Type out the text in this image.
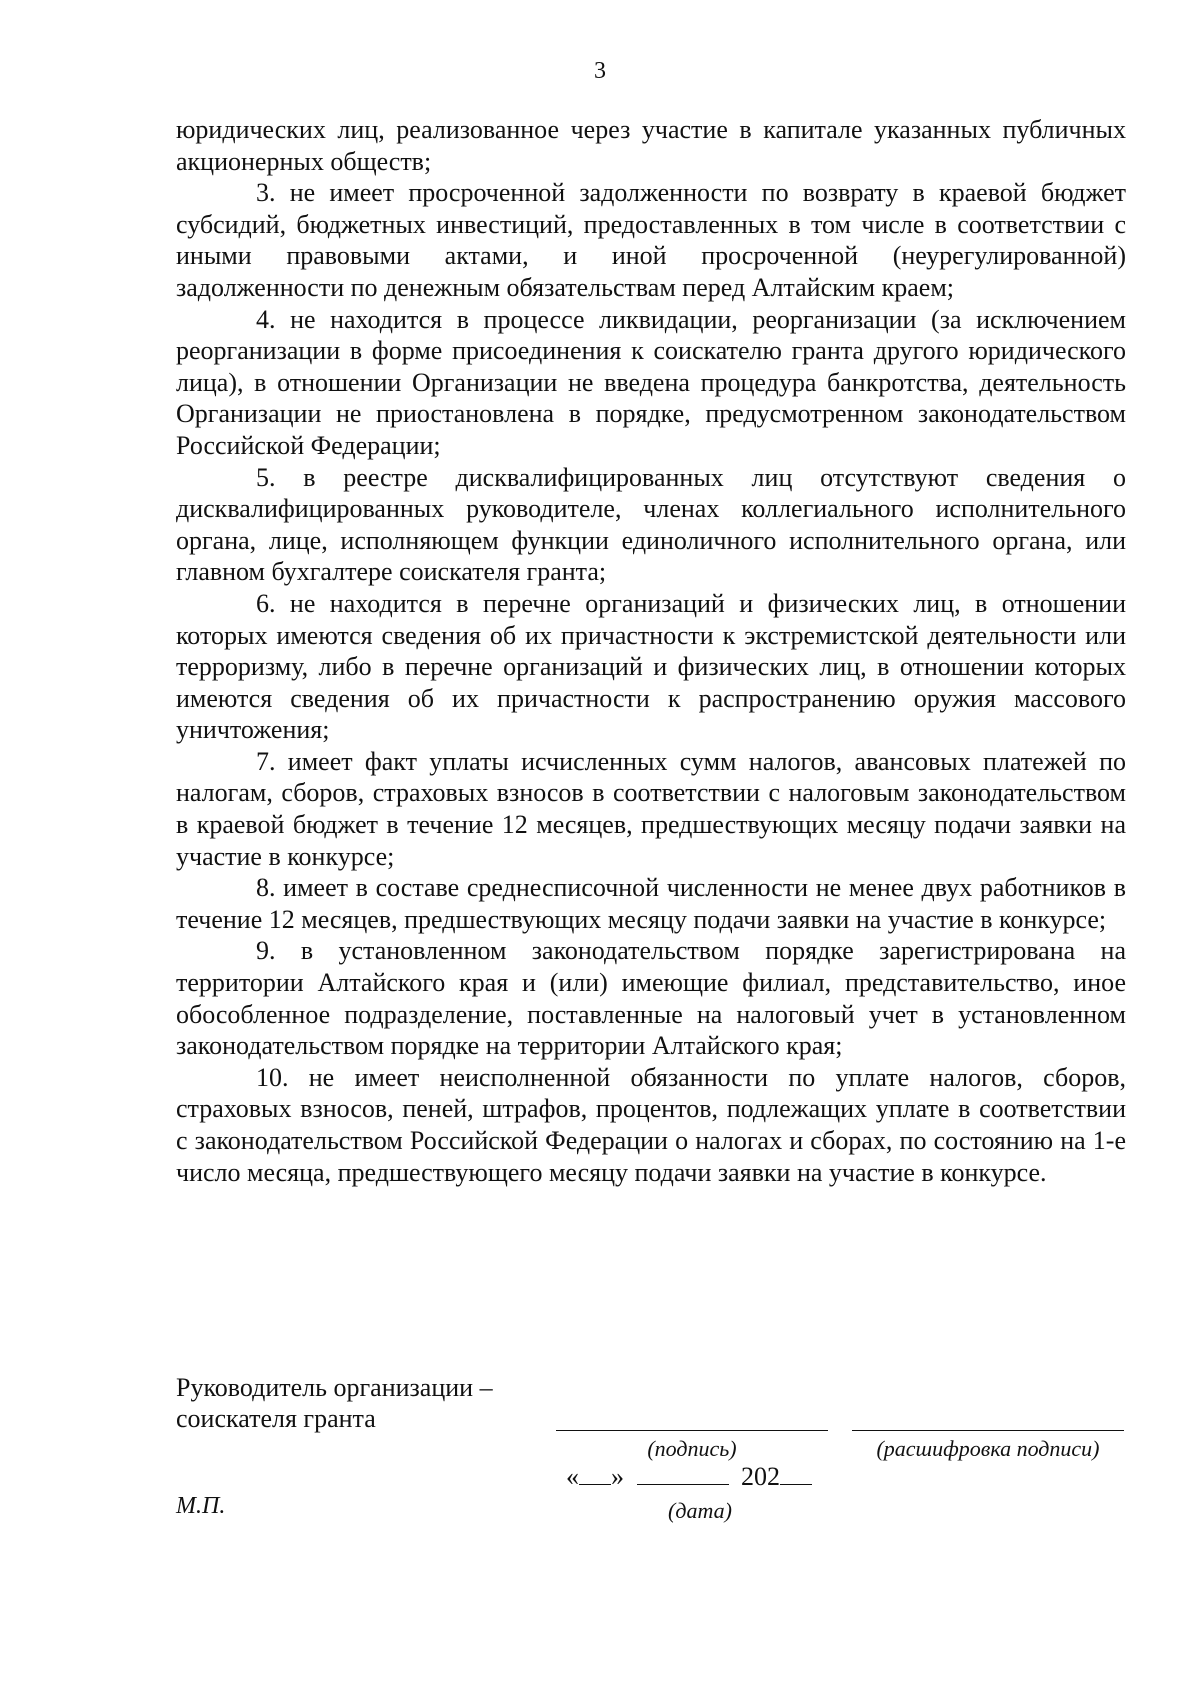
3

юридических лиц, реализованное через участие в капитале указанных публичных акционерных обществ;

3. не имеет просроченной задолженности по возврату в краевой бюджет субсидий, бюджетных инвестиций, предоставленных в том числе в соответствии с иными правовыми актами, и иной просроченной (неурегулированной) задолженности по денежным обязательствам перед Алтайским краем;

4. не находится в процессе ликвидации, реорганизации (за исключением реорганизации в форме присоединения к соискателю гранта другого юридического лица), в отношении Организации не введена процедура банкротства, деятельность Организации не приостановлена в порядке, предусмотренном законодательством Российской Федерации;

5. в реестре дисквалифицированных лиц отсутствуют сведения о дисквалифицированных руководителе, членах коллегиального исполнительного органа, лице, исполняющем функции единоличного исполнительного органа, или главном бухгалтере соискателя гранта;

6. не находится в перечне организаций и физических лиц, в отношении которых имеются сведения об их причастности к экстремистской деятельности или терроризму, либо в перечне организаций и физических лиц, в отношении которых имеются сведения об их причастности к распространению оружия массового уничтожения;

7. имеет факт уплаты исчисленных сумм налогов, авансовых платежей по налогам, сборов, страховых взносов в соответствии с налоговым законодательством в краевой бюджет в течение 12 месяцев, предшествующих месяцу подачи заявки на участие в конкурсе;

8. имеет в составе среднесписочной численности не менее двух работников в течение 12 месяцев, предшествующих месяцу подачи заявки на участие в конкурсе;

9. в установленном законодательством порядке зарегистрирована на территории Алтайского края и (или) имеющие филиал, представительство, иное обособленное подразделение, поставленные на налоговый учет в установленном законодательством порядке на территории Алтайского края;

10. не имеет неисполненной обязанности по уплате налогов, сборов, страховых взносов, пеней, штрафов, процентов, подлежащих уплате в соответствии с законодательством Российской Федерации о налогах и сборах, по состоянию на 1-е число месяца, предшествующего месяцу подачи заявки на участие в конкурсе.

Руководитель организации –
соискателя гранта
(подпись)	(расшифровка подписи)
« »	202
(дата)
М.П.
